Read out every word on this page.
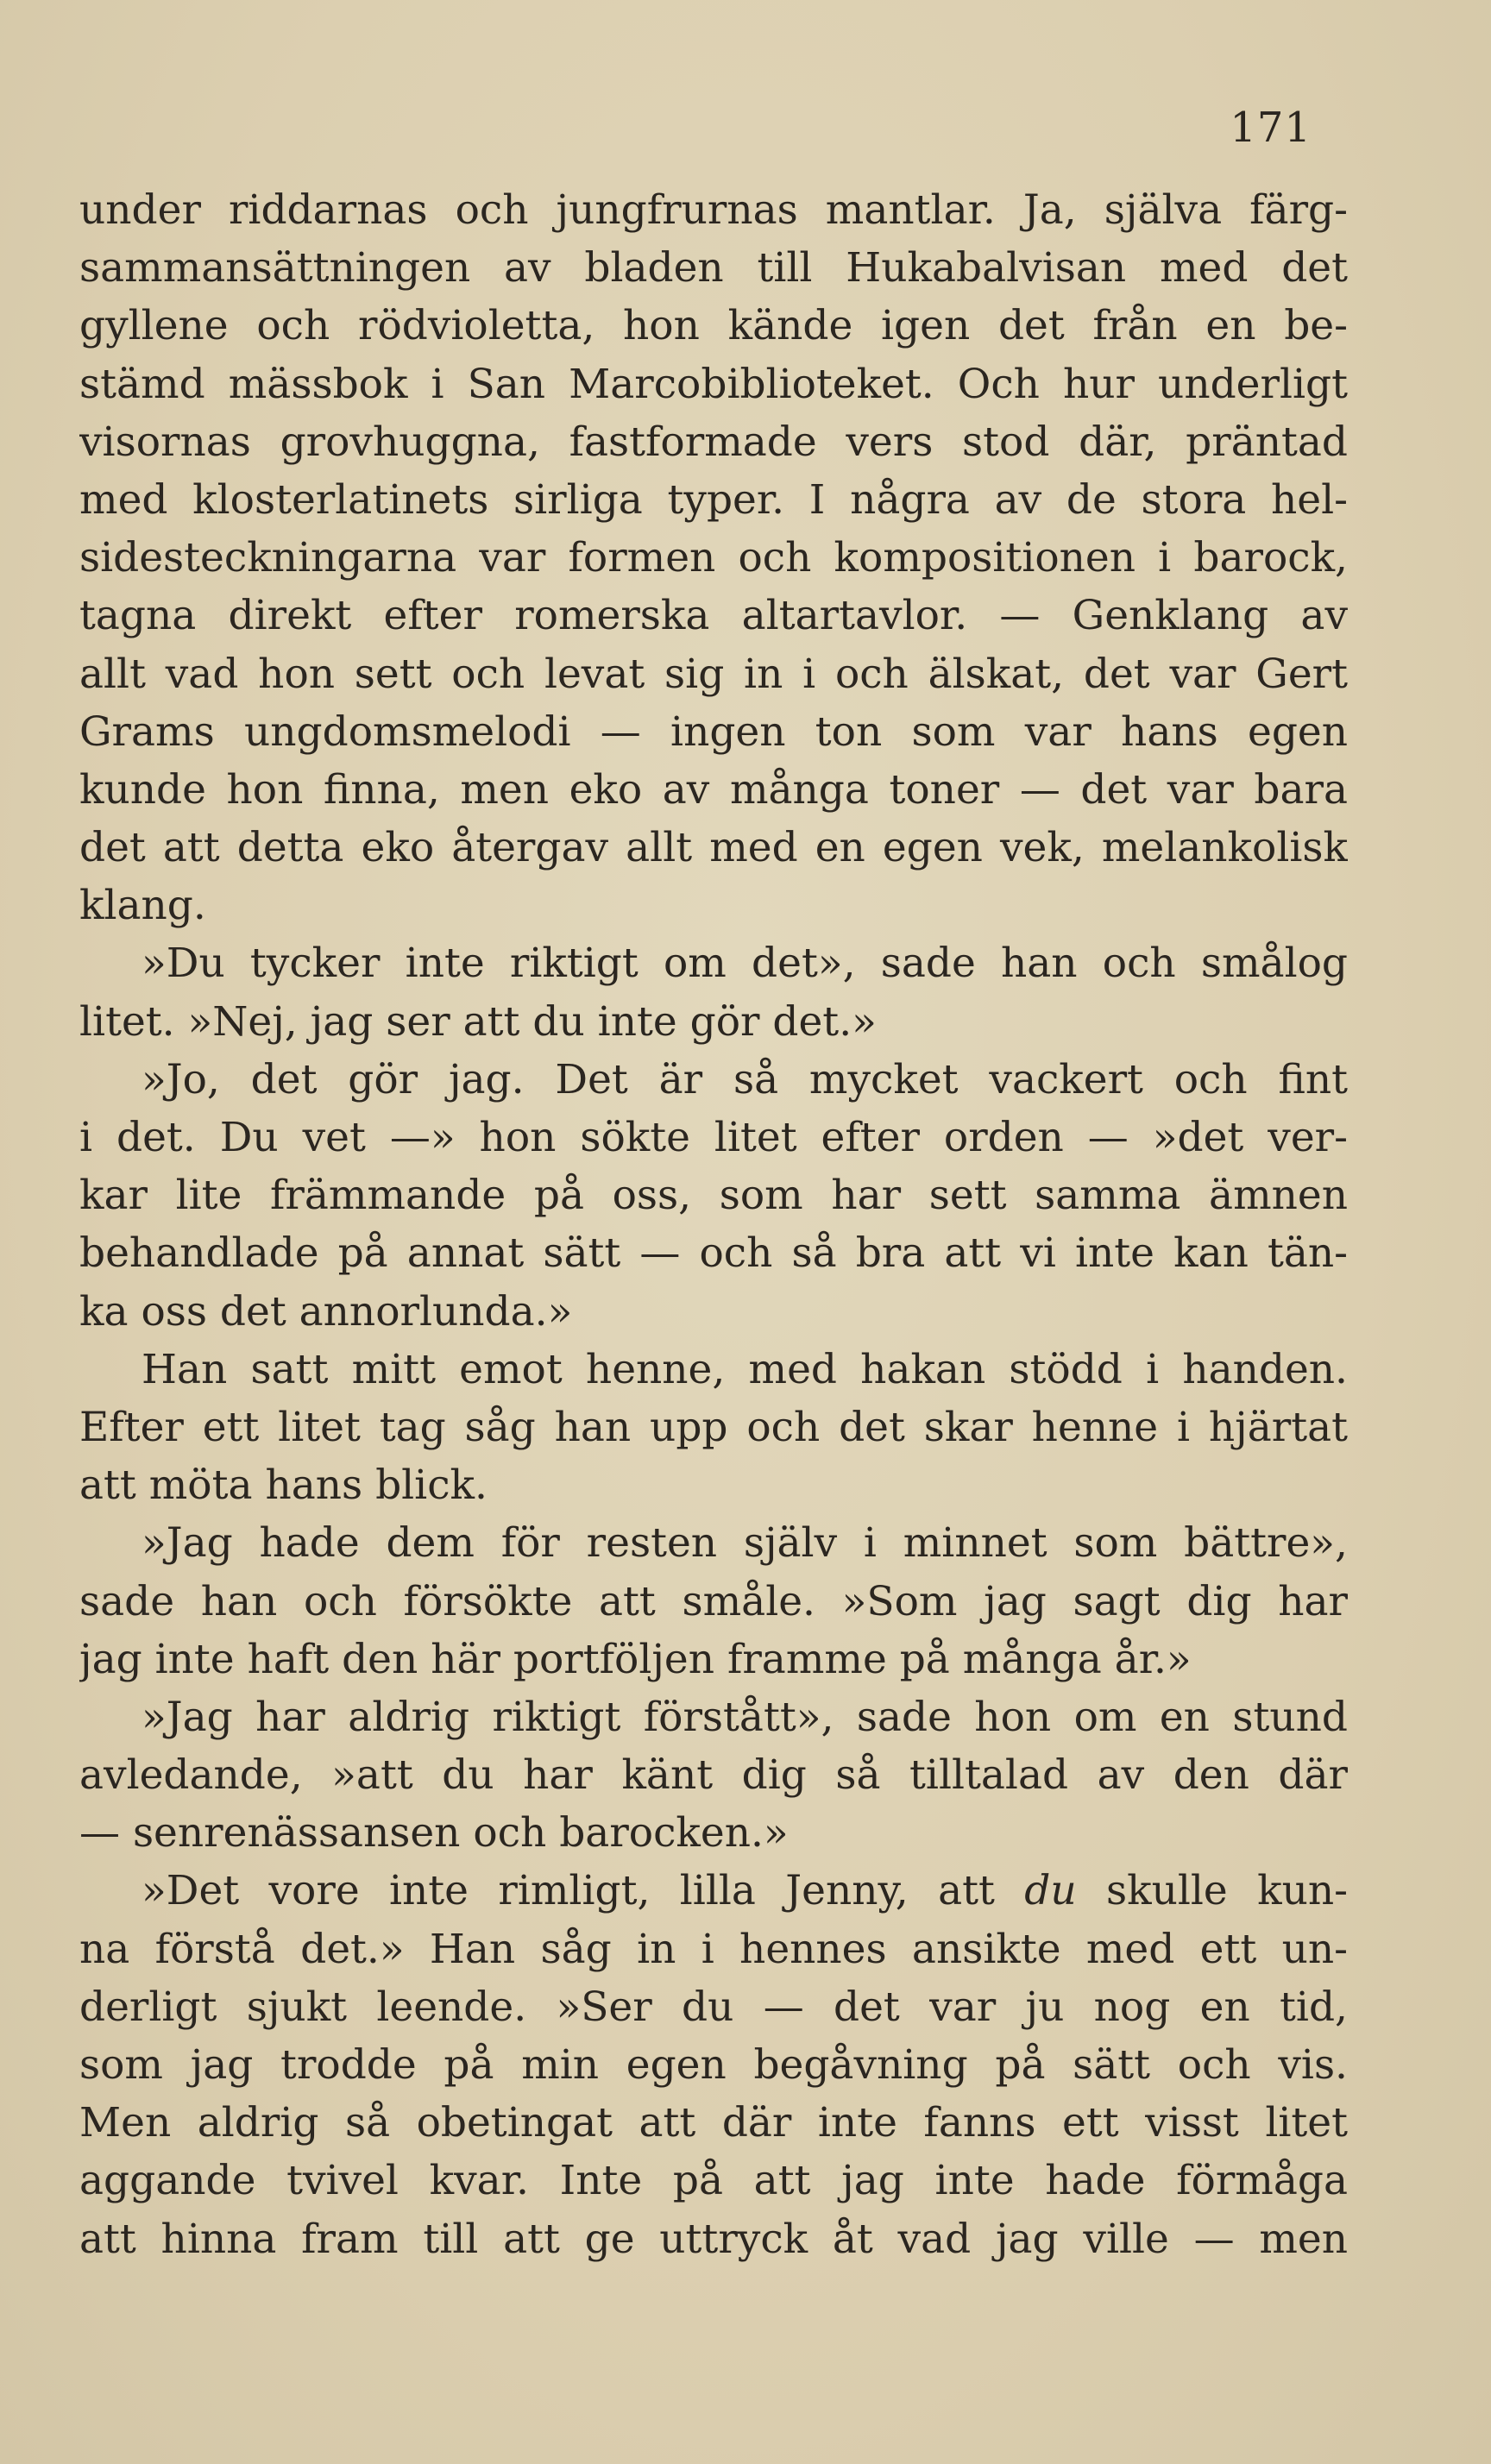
171
under riddarnas och jungfrurnas mantlar. Ja, själva färg-
sammansättningen av bladen till Hukabalvisan med det
gyllene och rödvioletta, hon kände igen det från en be-
stämd mässbok i San Marcobiblioteket. Och hur underligt
visornas grovhuggna, fastformade vers stod där, präntad
med klosterlatinets sirliga typer. I några av de stora hel-
sidesteckningarna var formen och kompositionen i barock,
tagna direkt efter romerska altartavlor. — Genklang av
allt vad hon sett och levat sig in i och älskat, det var Gert
Grams ungdomsmelodi — ingen ton som var hans egen
kunde hon finna, men eko av många toner — det var bara
det att detta eko återgav allt med en egen vek, melankolisk
klang.
»Du tycker inte riktigt om det», sade han och smålog
litet. »Nej, jag ser att du inte gör det.»
»Jo, det gör jag. Det är så mycket vackert och fint
i det. Du vet —» hon sökte litet efter orden — »det ver-
kar lite främmande på oss, som har sett samma ämnen
behandlade på annat sätt — och så bra att vi inte kan tän-
ka oss det annorlunda.»
Han satt mitt emot henne, med hakan stödd i handen.
Efter ett litet tag såg han upp och det skar henne i hjärtat
att möta hans blick.
»Jag hade dem för resten själv i minnet som bättre»,
sade han och försökte att småle. »Som jag sagt dig har
jag inte haft den här portföljen framme på många år.»
»Jag har aldrig riktigt förstått», sade hon om en stund
avledande, »att du har känt dig så tilltalad av den där
— senrenässansen och barocken.»
»Det vore inte rimligt, lilla Jenny, att du skulle kun-
na förstå det.» Han såg in i hennes ansikte med ett un-
derligt sjukt leende. »Ser du — det var ju nog en tid,
som jag trodde på min egen begåvning på sätt och vis.
Men aldrig så obetingat att där inte fanns ett visst litet
aggande tvivel kvar. Inte på att jag inte hade förmåga
att hinna fram till att ge uttryck åt vad jag ville — men
